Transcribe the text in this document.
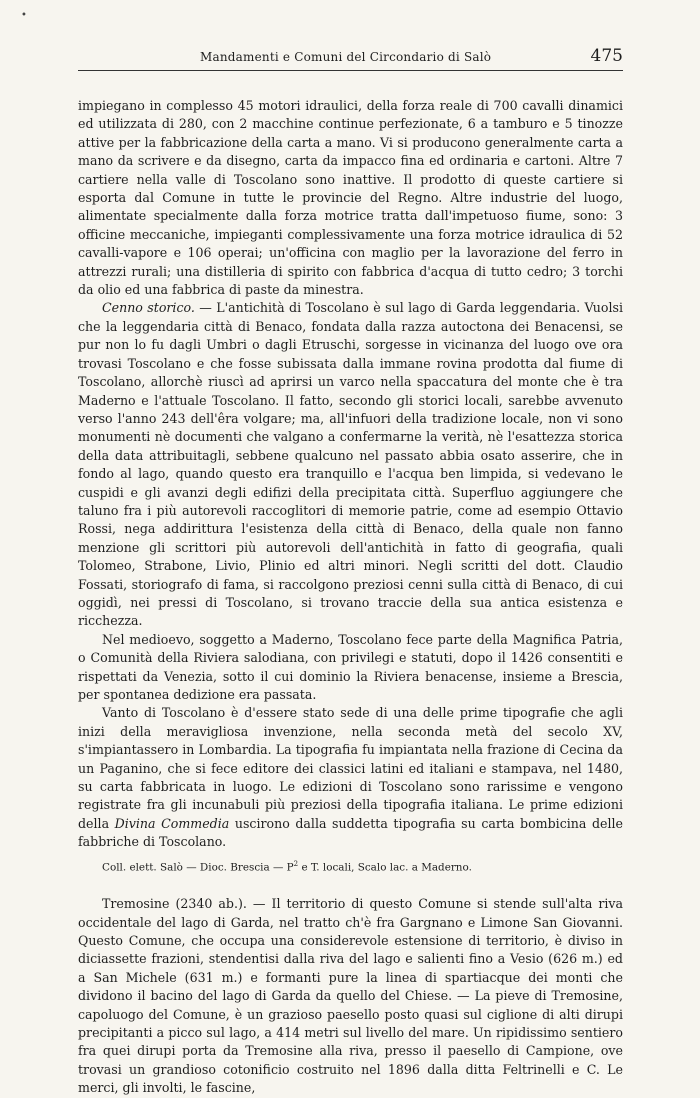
•
Mandamenti e Comuni del Circondario di Salò	475

impiegano in complesso 45 motori idraulici, della forza reale di 700 cavalli dinamici ed utilizzata di 280, con 2 macchine continue perfezionate, 6 a tamburo e 5 tinozze attive per la fabbricazione della carta a mano. Vi si producono generalmente carta a mano da scrivere e da disegno, carta da impacco fina ed ordinaria e cartoni. Altre 7 cartiere nella valle di Toscolano sono inattive. Il prodotto di queste cartiere si esporta dal Comune in tutte le provincie del Regno. Altre industrie del luogo, alimentate specialmente dalla forza motrice tratta dall'impetuoso fiume, sono: 3 officine meccaniche, impieganti complessivamente una forza motrice idraulica di 52 cavalli-vapore e 106 operai; un'officina con maglio per la lavorazione del ferro in attrezzi rurali; una distilleria di spirito con fabbrica d'acqua di tutto cedro; 3 torchi da olio ed una fabbrica di paste da minestra.

Cenno storico. — L'antichità di Toscolano è sul lago di Garda leggendaria. Vuolsi che la leggendaria città di Benaco, fondata dalla razza autoctona dei Benacensi, se pur non lo fu dagli Umbri o dagli Etruschi, sorgesse in vicinanza del luogo ove ora trovasi Toscolano e che fosse subissata dalla immane rovina prodotta dal fiume di Toscolano, allorchè riuscì ad aprirsi un varco nella spaccatura del monte che è tra Maderno e l'attuale Toscolano. Il fatto, secondo gli storici locali, sarebbe avvenuto verso l'anno 243 dell'êra volgare; ma, all'infuori della tradizione locale, non vi sono monumenti nè documenti che valgano a confermarne la verità, nè l'esattezza storica della data attribuitagli, sebbene qualcuno nel passato abbia osato asserire, che in fondo al lago, quando questo era tranquillo e l'acqua ben limpida, si vedevano le cuspidi e gli avanzi degli edifizi della precipitata città. Superfluo aggiungere che taluno fra i più autorevoli raccoglitori di memorie patrie, come ad esempio Ottavio Rossi, nega addirittura l'esistenza della città di Benaco, della quale non fanno menzione gli scrittori più autorevoli dell'antichità in fatto di geografia, quali Tolomeo, Strabone, Livio, Plinio ed altri minori. Negli scritti del dott. Claudio Fossati, storiografo di fama, si raccolgono preziosi cenni sulla città di Benaco, di cui oggidì, nei pressi di Toscolano, si trovano traccie della sua antica esistenza e ricchezza.

Nel medioevo, soggetto a Maderno, Toscolano fece parte della Magnifica Patria, o Comunità della Riviera salodiana, con privilegi e statuti, dopo il 1426 consentiti e rispettati da Venezia, sotto il cui dominio la Riviera benacense, insieme a Brescia, per spontanea dedizione era passata.

Vanto di Toscolano è d'essere stato sede di una delle prime tipografie che agli inizi della meravigliosa invenzione, nella seconda metà del secolo XV, s'impiantassero in Lombardia. La tipografia fu impiantata nella frazione di Cecina da un Paganino, che si fece editore dei classici latini ed italiani e stampava, nel 1480, su carta fabbricata in luogo. Le edizioni di Toscolano sono rarissime e vengono registrate fra gli incunabuli più preziosi della tipografia italiana. Le prime edizioni della Divina Commedia uscirono dalla suddetta tipografia su carta bombicina delle fabbriche di Toscolano.

Coll. elett. Salò — Dioc. Brescia — $P^2$ e T. locali, Scalo lac. a Maderno.

Tremosine (2340 ab.). — Il territorio di questo Comune si stende sull'alta riva occidentale del lago di Garda, nel tratto ch'è fra Gargnano e Limone San Giovanni. Questo Comune, che occupa una considerevole estensione di territorio, è diviso in diciassette frazioni, stendentisi dalla riva del lago e salienti fino a Vesio (626 m.) ed a San Michele (631 m.) e formanti pure la linea di spartiacque dei monti che dividono il bacino del lago di Garda da quello del Chiese. — La pieve di Tremosine, capoluogo del Comune, è un grazioso paesello posto quasi sul ciglione di alti dirupi precipitanti a picco sul lago, a 414 metri sul livello del mare. Un ripidissimo sentiero fra quei dirupi porta da Tremosine alla riva, presso il paesello di Campione, ove trovasi un grandioso cotonificio costruito nel 1896 dalla ditta Feltrinelli e C. Le merci, gli involti, le fascine,
